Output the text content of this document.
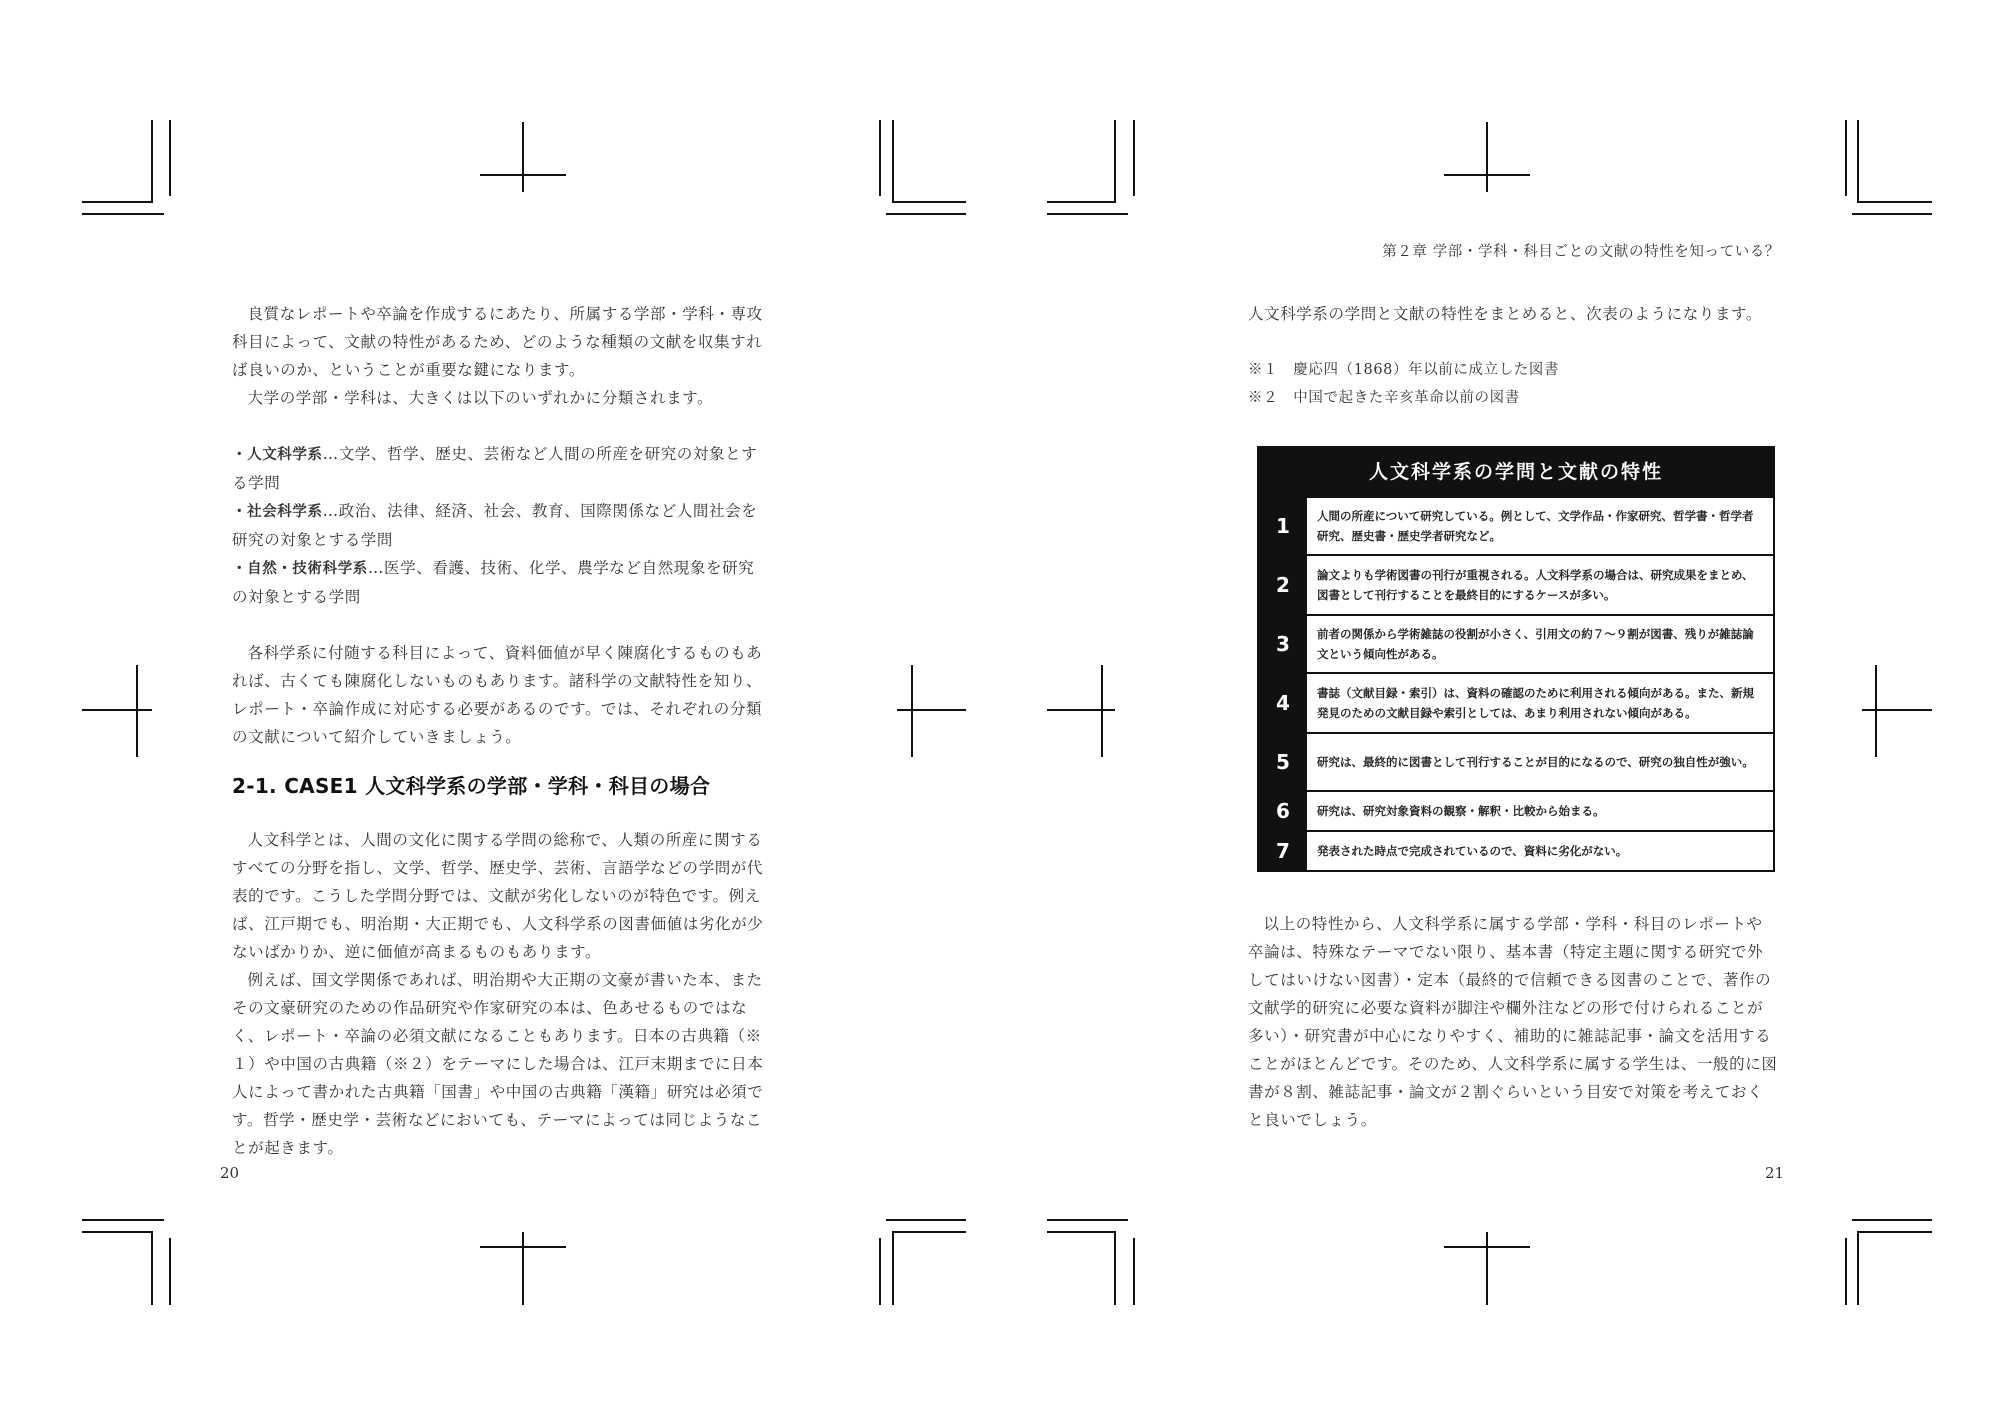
良質なレポートや卒論を作成するにあたり、所属する学部・学科・専攻科目によって、文献の特性があるため、どのような種類の文献を収集すれば良いのか、ということが重要な鍵になります。

大学の学部・学科は、大きくは以下のいずれかに分類されます。

・人文科学系…文学、哲学、歴史、芸術など人間の所産を研究の対象とする学問

・社会科学系…政治、法律、経済、社会、教育、国際関係など人間社会を研究の対象とする学問

・自然・技術科学系…医学、看護、技術、化学、農学など自然現象を研究の対象とする学問

各科学系に付随する科目によって、資料価値が早く陳腐化するものもあれば、古くても陳腐化しないものもあります。諸科学の文献特性を知り、レポート・卒論作成に対応する必要があるのです。では、それぞれの分類の文献について紹介していきましょう。

2-1. CASE1 人文科学系の学部・学科・科目の場合

人文科学とは、人間の文化に関する学問の総称で、人類の所産に関するすべての分野を指し、文学、哲学、歴史学、芸術、言語学などの学問が代表的です。こうした学問分野では、文献が劣化しないのが特色です。例えば、江戸期でも、明治期・大正期でも、人文科学系の図書価値は劣化が少ないばかりか、逆に価値が高まるものもあります。

例えば、国文学関係であれば、明治期や大正期の文豪が書いた本、またその文豪研究のための作品研究や作家研究の本は、色あせるものではなく、レポート・卒論の必須文献になることもあります。日本の古典籍（※１）や中国の古典籍（※２）をテーマにした場合は、江戸末期までに日本人によって書かれた古典籍「国書」や中国の古典籍「漢籍」研究は必須です。哲学・歴史学・芸術などにおいても、テーマによっては同じようなことが起きます。

20
第２章 学部・学科・科目ごとの文献の特性を知っている？

人文科学系の学問と文献の特性をまとめると、次表のようになります。

※１　慶応四（1868）年以前に成立した図書

※２　中国で起きた辛亥革命以前の図書

以上の特性から、人文科学系に属する学部・学科・科目のレポートや卒論は、特殊なテーマでない限り、基本書（特定主題に関する研究で外してはいけない図書）・定本（最終的で信頼できる図書のことで、著作の文献学的研究に必要な資料が脚注や欄外注などの形で付けられることが多い）・研究書が中心になりやすく、補助的に雑誌記事・論文を活用することがほとんどです。そのため、人文科学系に属する学生は、一般的に図書が８割、雑誌記事・論文が２割ぐらいという目安で対策を考えておくと良いでしょう。

21
人文科学系の学問と文献の特性
1	人間の所産について研究している。例として、文学作品・作家研究、哲学書・哲学者研究、歴史書・歴史学者研究など。
2	論文よりも学術図書の刊行が重視される。人文科学系の場合は、研究成果をまとめ、図書として刊行することを最終目的にするケースが多い。
3	前者の関係から学術雑誌の役割が小さく、引用文の約７～９割が図書、残りが雑誌論文という傾向性がある。
4	書誌（文献目録・索引）は、資料の確認のために利用される傾向がある。また、新規発見のための文献目録や索引としては、あまり利用されない傾向がある。
5	研究は、最終的に図書として刊行することが目的になるので、研究の独自性が強い。
6	研究は、研究対象資料の観察・解釈・比較から始まる。
7	発表された時点で完成されているので、資料に劣化がない。
